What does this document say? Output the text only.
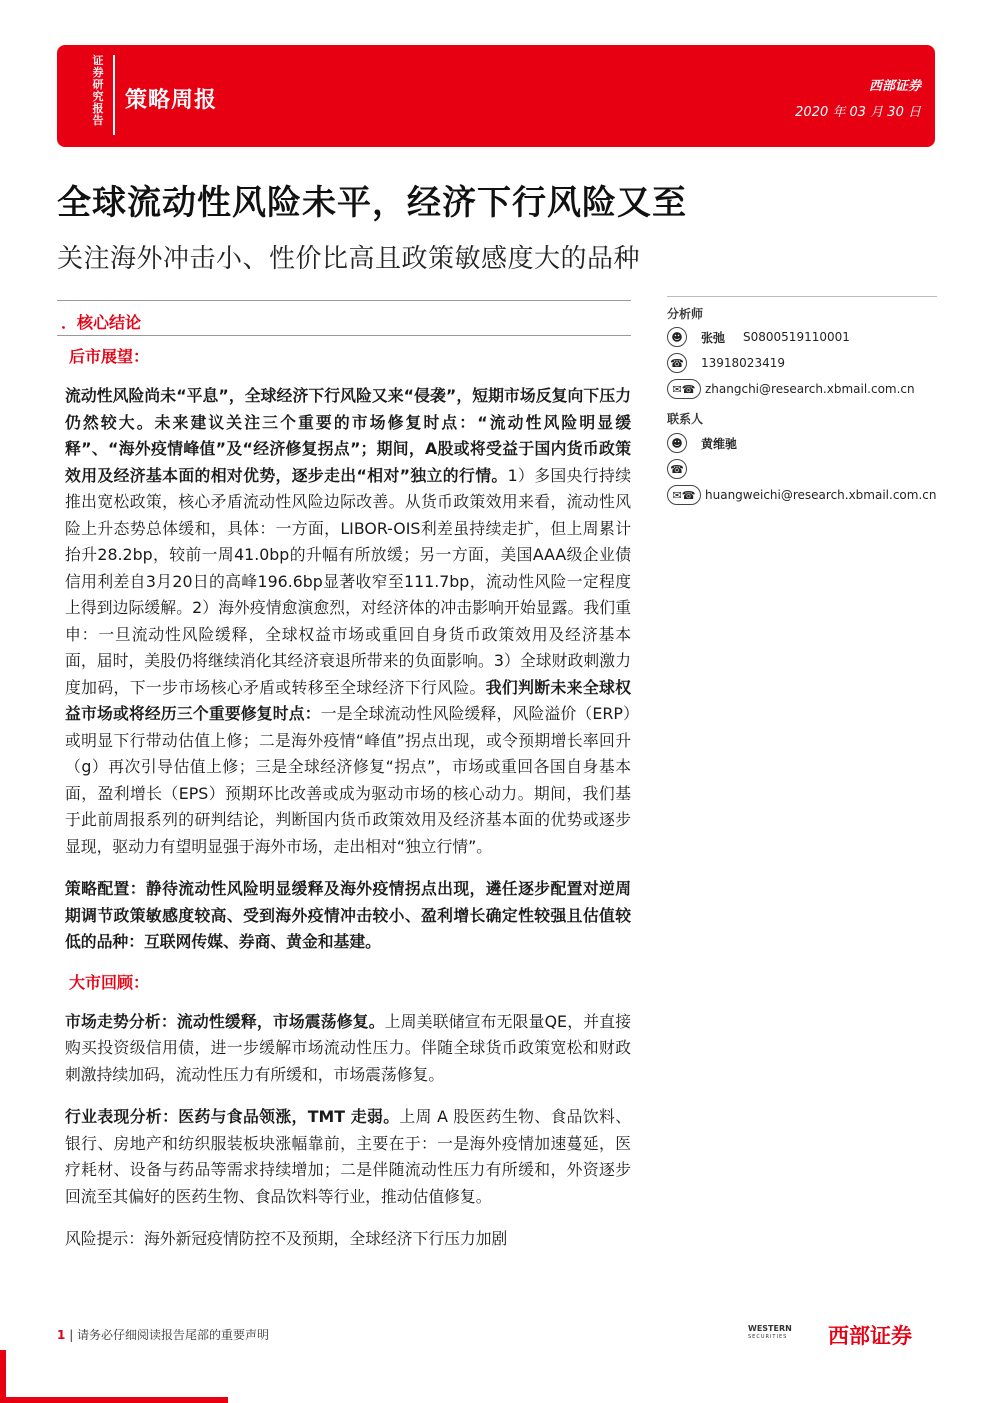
证券研究报告
策略周报
西部证券
2020 年 03 月 30 日
全球流动性风险未平，经济下行风险又至
关注海外冲击小、性价比高且政策敏感度大的品种
．核心结论
后市展望：

流动性风险尚未“平息”，全球经济下行风险又来“侵袭”，短期市场反复向下压力仍然较大。未来建议关注三个重要的市场修复时点：“流动性风险明显缓释”、“海外疫情峰值”及“经济修复拐点”；期间，A股或将受益于国内货币政策效用及经济基本面的相对优势，逐步走出“相对”独立的行情。1）多国央行持续推出宽松政策，核心矛盾流动性风险边际改善。从货币政策效用来看，流动性风险上升态势总体缓和，具体：一方面，LIBOR-OIS利差虽持续走扩，但上周累计抬升28.2bp，较前一周41.0bp的升幅有所放缓；另一方面，美国AAA级企业债信用利差自3月20日的高峰196.6bp显著收窄至111.7bp，流动性风险一定程度上得到边际缓解。2）海外疫情愈演愈烈，对经济体的冲击影响开始显露。我们重申：一旦流动性风险缓释，全球权益市场或重回自身货币政策效用及经济基本面，届时，美股仍将继续消化其经济衰退所带来的负面影响。3）全球财政刺激力度加码，下一步市场核心矛盾或转移至全球经济下行风险。我们判断未来全球权益市场或将经历三个重要修复时点：一是全球流动性风险缓释，风险溢价（ERP）或明显下行带动估值上修；二是海外疫情“峰值”拐点出现，或令预期增长率回升（g）再次引导估值上修；三是全球经济修复“拐点”，市场或重回各国自身基本面，盈利增长（EPS）预期环比改善或成为驱动市场的核心动力。期间，我们基于此前周报系列的研判结论，判断国内货币政策效用及经济基本面的优势或逐步显现，驱动力有望明显强于海外市场，走出相对“独立行情”。

策略配置：静待流动性风险明显缓释及海外疫情拐点出现，遴任逐步配置对逆周期调节政策敏感度较高、受到海外疫情冲击较小、盈利增长确定性较强且估值较低的品种：互联网传媒、券商、黄金和基建。

大市回顾：

市场走势分析：流动性缓释，市场震荡修复。上周美联储宣布无限量QE，并直接购买投资级信用债，进一步缓解市场流动性压力。伴随全球货币政策宽松和财政刺激持续加码，流动性压力有所缓和，市场震荡修复。

行业表现分析：医药与食品领涨，TMT 走弱。上周 A 股医药生物、食品饮料、银行、房地产和纺织服装板块涨幅靠前，主要在于：一是海外疫情加速蔓延，医疗耗材、设备与药品等需求持续增加；二是伴随流动性压力有所缓和，外资逐步回流至其偏好的医药生物、食品饮料等行业，推动估值修复。

风险提示：海外新冠疫情防控不及预期，全球经济下行压力加剧

分析师
☻	张弛 S0800519110001
☎ 13918023419
✉☎ zhangchi@research.xbmail.com.cn
联系人
☻	黄维驰
☎
✉☎ huangweichi@research.xbmail.com.cn
1 | 请务必仔细阅读报告尾部的重要声明	WESTERN
SECURITIES 西部证券
